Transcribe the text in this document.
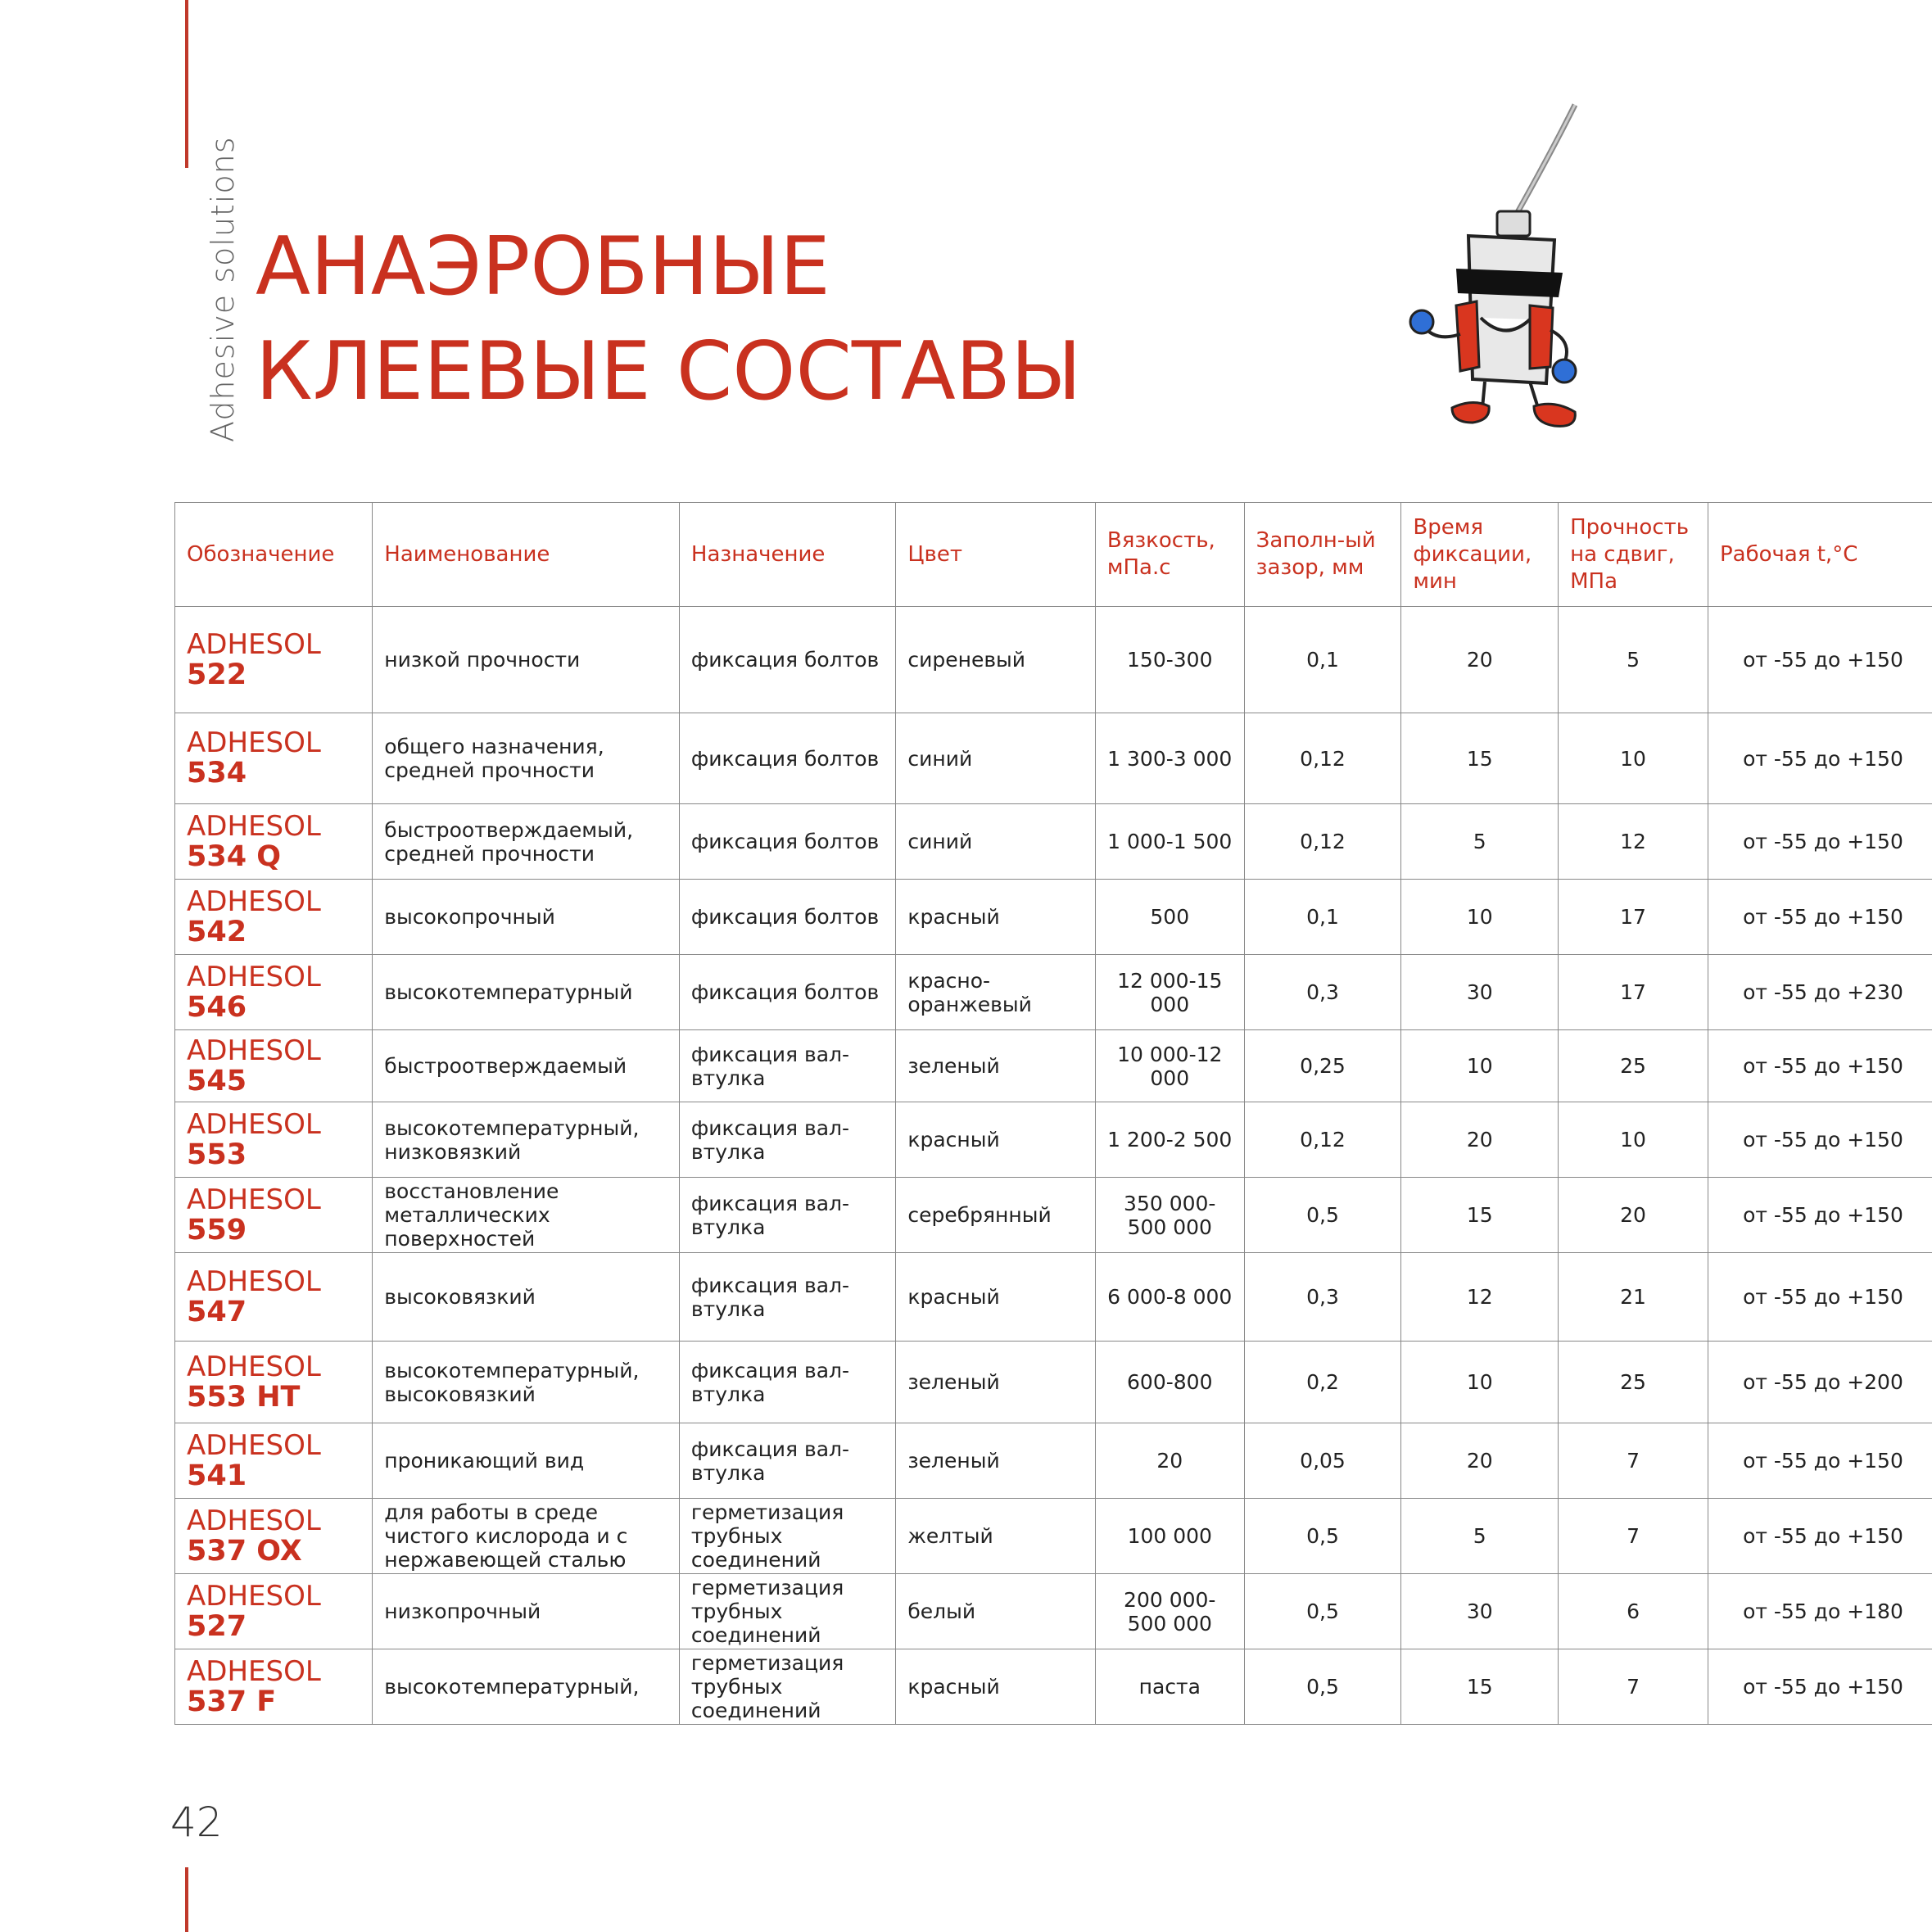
Adhesive solutions АНАЭРОБНЫЕ
КЛЕЕВЫЕ СОСТАВЫ
Обозначение	Наименование	Назначение	Цвет	Вязкость, мПа.с	Заполн-ый зазор, мм	Время фиксации, мин	Прочность на сдвиг, МПа	Рабочая t,°C

ADHESOL
522	низкой прочности	фиксация болтов	сиреневый	150-300	0,1	20	5	от -55 до +150

ADHESOL
534	общего назначения, средней прочности	фиксация болтов	синий	1 300-3 000	0,12	15	10	от -55 до +150

ADHESOL
534 Q	быстроотверждаемый, средней прочности	фиксация болтов	синий	1 000-1 500	0,12	5	12	от -55 до +150

ADHESOL
542	высокопрочный	фиксация болтов	красный	500	0,1	10	17	от -55 до +150

ADHESOL
546	высокотемпературный	фиксация болтов	красно-оранжевый	12 000-15 000	0,3	30	17	от -55 до +230

ADHESOL
545	быстроотверждаемый	фиксация вал-втулка	зеленый	10 000-12 000	0,25	10	25	от -55 до +150

ADHESOL
553	высокотемпературный, низковязкий	фиксация вал-втулка	красный	1 200-2 500	0,12	20	10	от -55 до +150

ADHESOL
559	восстановление металлических поверхностей	фиксация вал-втулка	серебрянный	350 000-500 000	0,5	15	20	от -55 до +150

ADHESOL
547	высоковязкий	фиксация вал-втулка	красный	6 000-8 000	0,3	12	21	от -55 до +150

ADHESOL
553 HT	высокотемпературный, высоковязкий	фиксация вал-втулка	зеленый	600-800	0,2	10	25	от -55 до +200

ADHESOL
541	проникающий вид	фиксация вал-втулка	зеленый	20	0,05	20	7	от -55 до +150

ADHESOL
537 OX	для работы в среде чистого кислорода и с нержавеющей сталью	герметизация трубных соединений	желтый	100 000	0,5	5	7	от -55 до +150

ADHESOL
527	низкопрочный	герметизация трубных соединений	белый	200 000-500 000	0,5	30	6	от -55 до +180

ADHESOL
537 F	высокотемпературный,	герметизация трубных соединений	красный	паста	0,5	15	7	от -55 до +150
42
